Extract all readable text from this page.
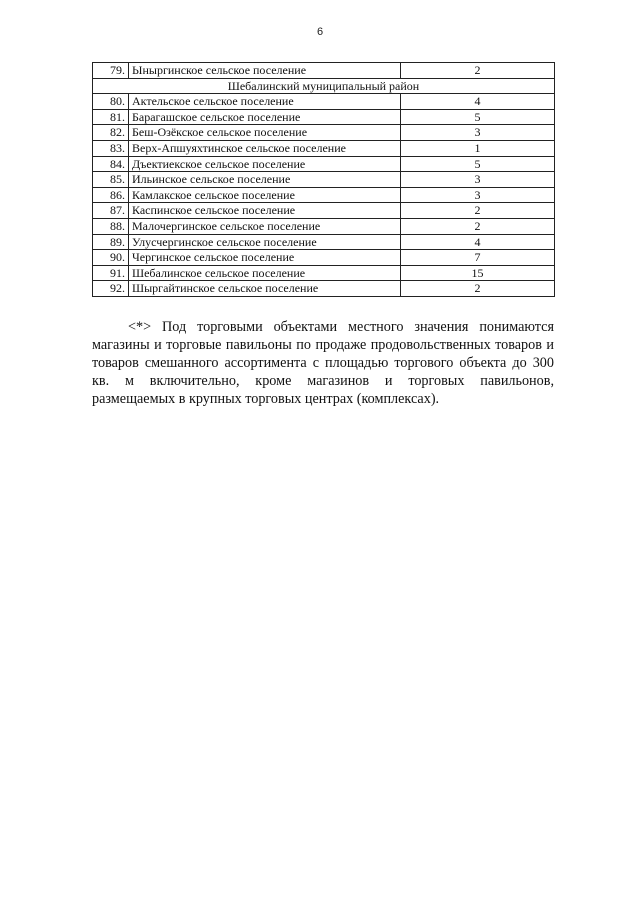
6
79.	Ыныргинское сельское поселение	2
Шебалинский муниципальный район		
80.	Актельское сельское поселение	4
81.	Барагашское сельское поселение	5
82.	Беш-Озёкское сельское поселение	3
83.	Верх-Апшуяхтинское сельское поселение	1
84.	Дъектиекское сельское поселение	5
85.	Ильинское сельское поселение	3
86.	Камлакское сельское поселение	3
87.	Каспинское сельское поселение	2
88.	Малочергинское сельское поселение	2
89.	Улусчергинское сельское поселение	4
90.	Чергинское сельское поселение	7
91.	Шебалинское сельское поселение	15
92.	Шыргайтинское сельское поселение	2

<*> Под торговыми объектами местного значения понимаются магазины и торговые павильоны по продаже продовольственных товаров и товаров смешанного ассортимента с площадью торгового объекта до 300 кв. м включительно, кроме магазинов и торговых павильонов, размещаемых в крупных торговых центрах (комплексах).
